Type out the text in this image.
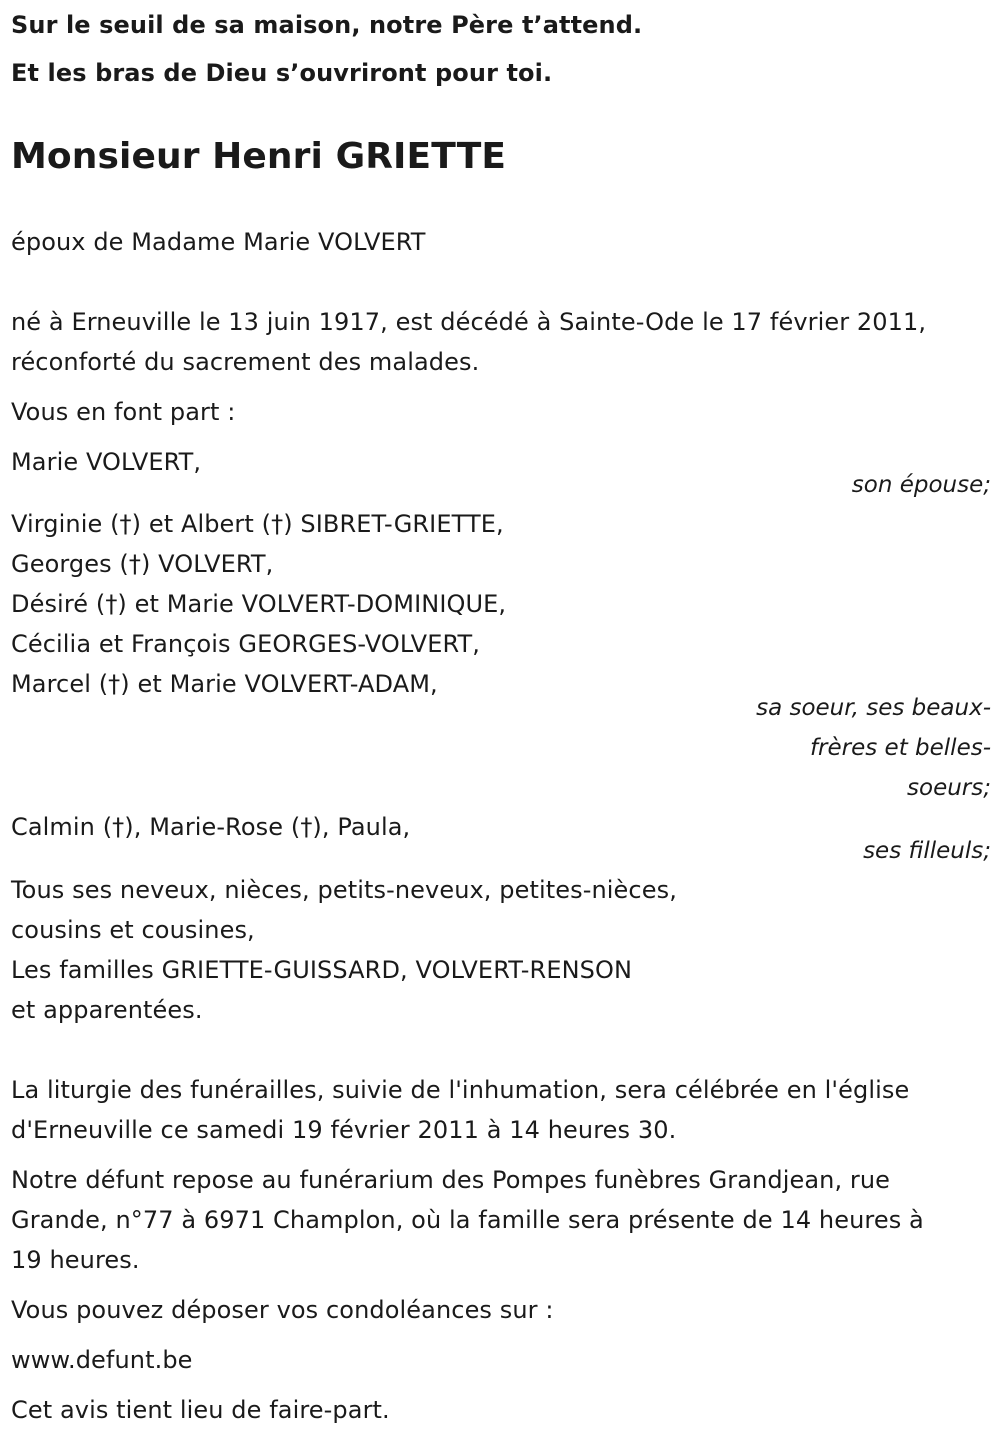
Sur le seuil de sa maison, notre Père t’attend.
Et les bras de Dieu s’ouvriront pour toi.
Monsieur Henri GRIETTE
époux de Madame Marie VOLVERT
né à Erneuville le 13 juin 1917, est décédé à Sainte-Ode le 17 février 2011,
réconforté du sacrement des malades.
Vous en font part :
Marie VOLVERT,
son épouse;
Virginie (†) et Albert (†) SIBRET-GRIETTE,
Georges (†) VOLVERT,
Désiré (†) et Marie VOLVERT-DOMINIQUE,
Cécilia et François GEORGES-VOLVERT,
Marcel (†) et Marie VOLVERT-ADAM,
sa soeur, ses beaux-
frères et belles-
soeurs;
Calmin (†), Marie-Rose (†), Paula,
ses filleuls;
Tous ses neveux, nièces, petits-neveux, petites-nièces,
cousins et cousines,
Les familles GRIETTE-GUISSARD, VOLVERT-RENSON
et apparentées.
La liturgie des funérailles, suivie de l'inhumation, sera célébrée en l'église
d'Erneuville ce samedi 19 février 2011 à 14 heures 30.
Notre défunt repose au funérarium des Pompes funèbres Grandjean, rue
Grande, n°77 à 6971 Champlon, où la famille sera présente de 14 heures à
19 heures.
Vous pouvez déposer vos condoléances sur :
www.defunt.be
Cet avis tient lieu de faire-part.
